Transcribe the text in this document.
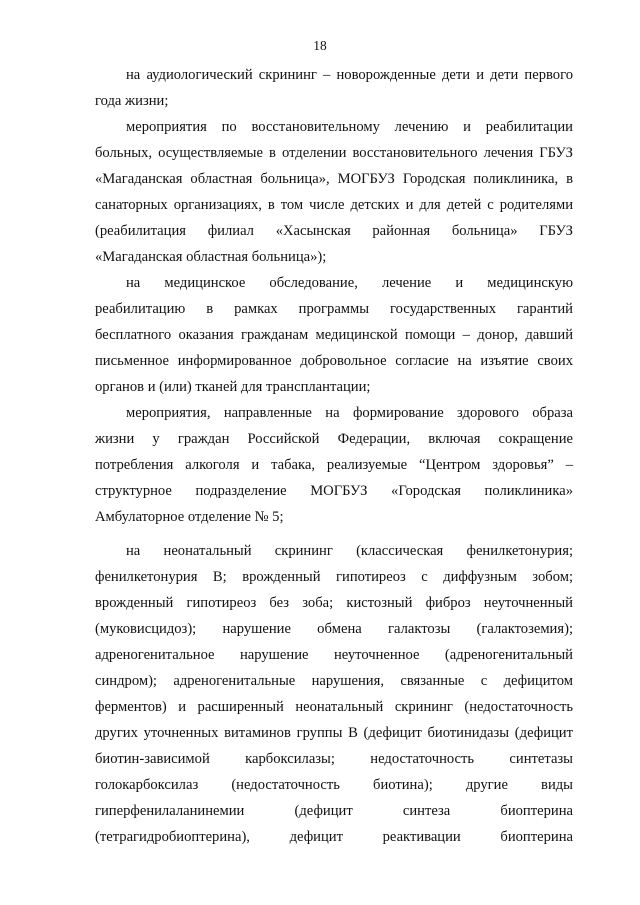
18
на аудиологический скрининг – новорожденные дети и дети первого
года жизни;
мероприятия по восстановительному лечению и реабилитации
больных, осуществляемые в отделении восстановительного лечения ГБУЗ
«Магаданская областная больница», МОГБУЗ Городская поликлиника, в
санаторных организациях, в том числе детских и для детей с родителями
(реабилитация филиал «Хасынская районная больница» ГБУЗ
«Магаданская областная больница»);
на медицинское обследование, лечение и медицинскую
реабилитацию в рамках программы государственных гарантий
бесплатного оказания гражданам медицинской помощи – донор, давший
письменное информированное добровольное согласие на изъятие своих
органов и (или) тканей для трансплантации;
мероприятия, направленные на формирование здорового образа
жизни у граждан Российской Федерации, включая сокращение
потребления алкоголя и табака, реализуемые “Центром здоровья” –
структурное подразделение МОГБУЗ «Городская поликлиника»
Амбулаторное отделение № 5;
на неонатальный скрининг (классическая фенилкетонурия;
фенилкетонурия B; врожденный гипотиреоз с диффузным зобом;
врожденный гипотиреоз без зоба; кистозный фиброз неуточненный
(муковисцидоз); нарушение обмена галактозы (галактоземия);
адреногенитальное нарушение неуточненное (адреногенитальный
синдром); адреногенитальные нарушения, связанные с дефицитом
ферментов) и расширенный неонатальный скрининг (недостаточность
других уточненных витаминов группы B (дефицит биотинидазы (дефицит
биотин-зависимой карбоксилазы; недостаточность синтетазы
голокарбоксилаз (недостаточность биотина); другие виды
гиперфенилаланинемии (дефицит синтеза биоптерина
(тетрагидробиоптерина), дефицит реактивации биоптерина
